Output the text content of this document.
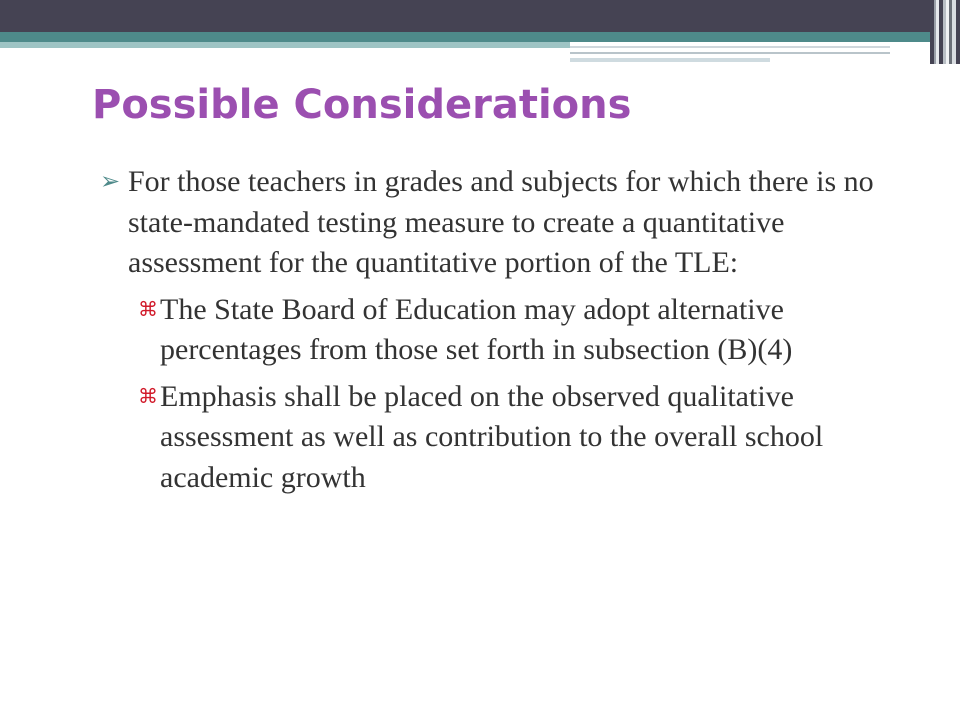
Possible Considerations
➢ For those teachers in grades and subjects for which there is no state-mandated testing measure to create a quantitative assessment for the quantitative portion of the TLE:
⌘ The State Board of Education may adopt alternative percentages from those set forth in subsection (B)(4)
⌘ Emphasis shall be placed on the observed qualitative assessment as well as contribution to the overall school academic growth
